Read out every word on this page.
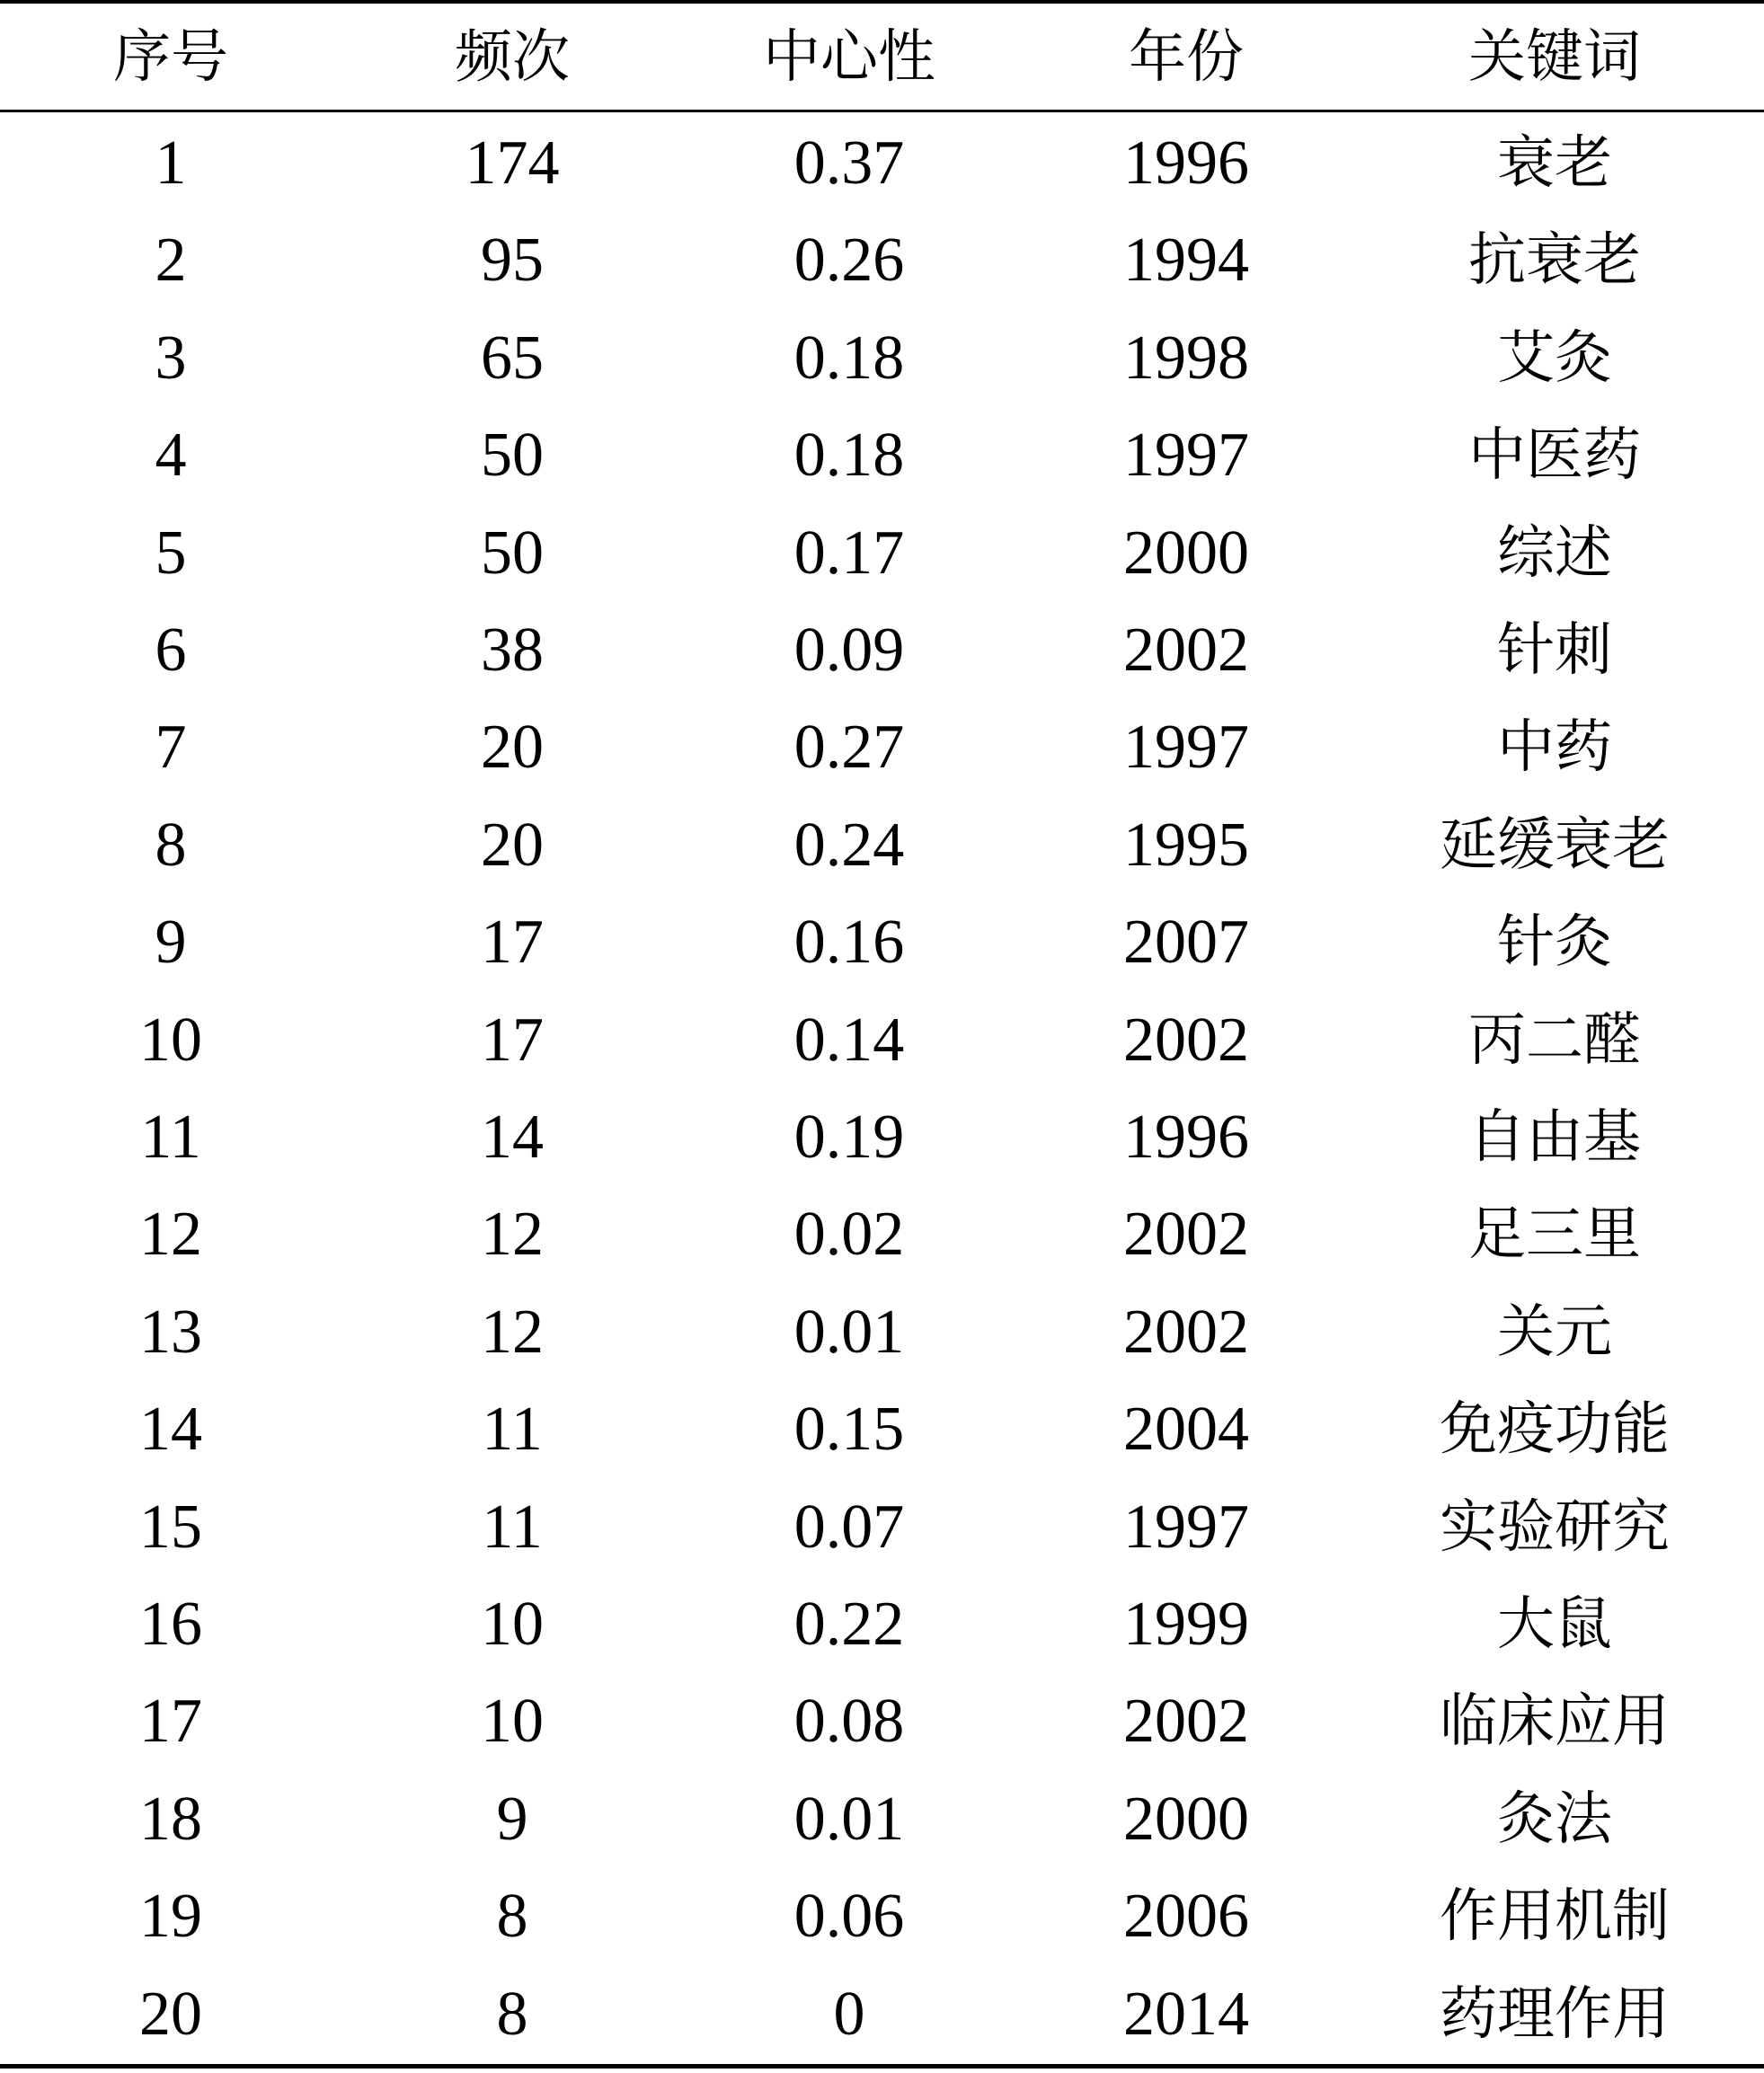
序号	频次	中心性	年份	关键词
1	174	0.37	1996	衰老
2	95	0.26	1994	抗衰老
3	65	0.18	1998	艾灸
4	50	0.18	1997	中医药
5	50	0.17	2000	综述
6	38	0.09	2002	针刺
7	20	0.27	1997	中药
8	20	0.24	1995	延缓衰老
9	17	0.16	2007	针灸
10	17	0.14	2002	丙二醛
11	14	0.19	1996	自由基
12	12	0.02	2002	足三里
13	12	0.01	2002	关元
14	11	0.15	2004	免疫功能
15	11	0.07	1997	实验研究
16	10	0.22	1999	大鼠
17	10	0.08	2002	临床应用
18	9	0.01	2000	灸法
19	8	0.06	2006	作用机制
20	8	0	2014	药理作用
